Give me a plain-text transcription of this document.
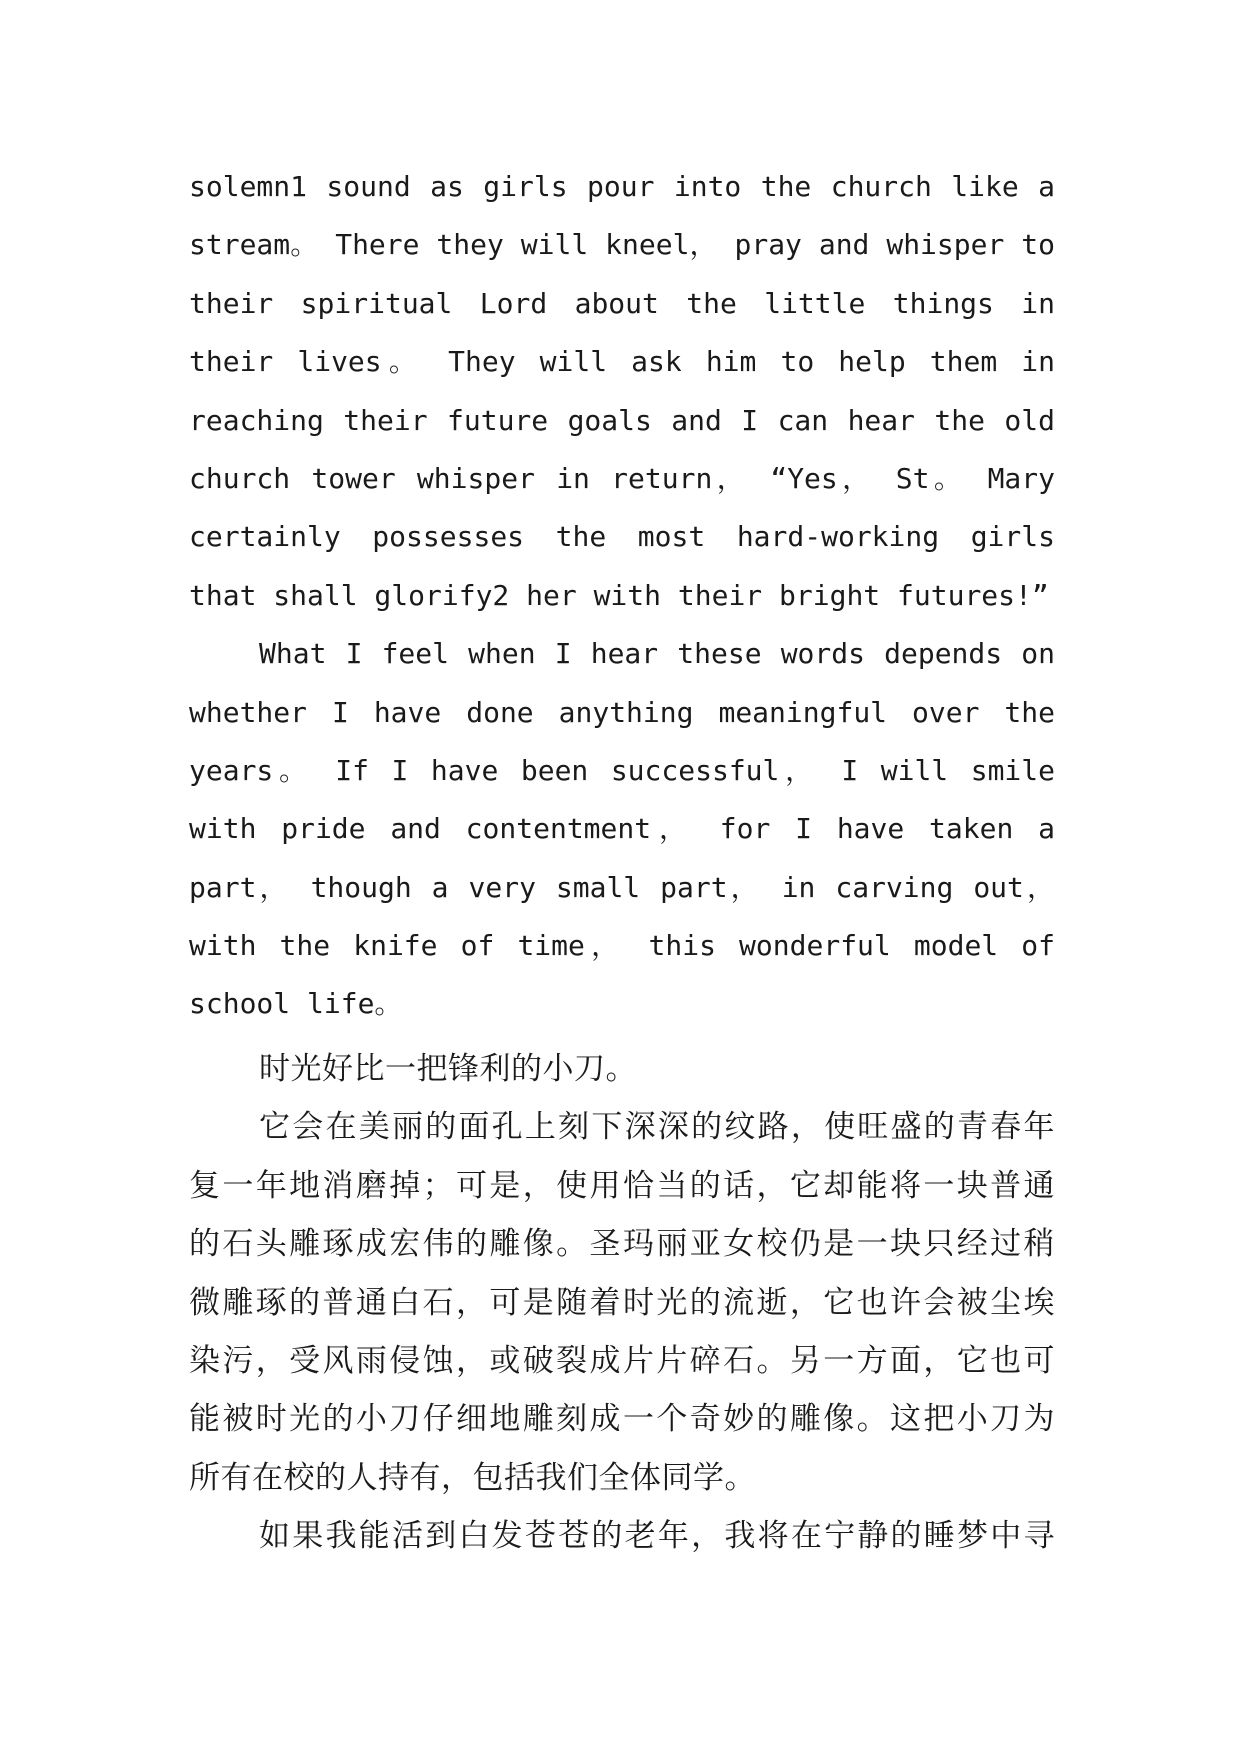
solemn1 sound as girls pour into the church like a
stream。 There they will kneel， pray and whisper to
their spiritual Lord about the little things in
their lives。 They will ask him to help them in
reaching their future goals and I can hear the old
church tower whisper in return， “Yes， St。 Mary
certainly possesses the most hard-working girls
that shall glorify2 her with their bright futures!”
What I feel when I hear these words depends on
whether I have done anything meaningful over the
years。 If I have been successful， I will smile
with pride and contentment， for I have taken a
part， though a very small part， in carving out，
with the knife of time， this wonderful model of
school life。
时光好比一把锋利的小刀。
它会在美丽的面孔上刻下深深的纹路，使旺盛的青春年
复一年地消磨掉；可是，使用恰当的话，它却能将一块普通
的石头雕琢成宏伟的雕像。圣玛丽亚女校仍是一块只经过稍
微雕琢的普通白石，可是随着时光的流逝，它也许会被尘埃
染污，受风雨侵蚀，或破裂成片片碎石。另一方面，它也可
能被时光的小刀仔细地雕刻成一个奇妙的雕像。这把小刀为
所有在校的人持有，包括我们全体同学。
如果我能活到白发苍苍的老年，我将在宁静的睡梦中寻
